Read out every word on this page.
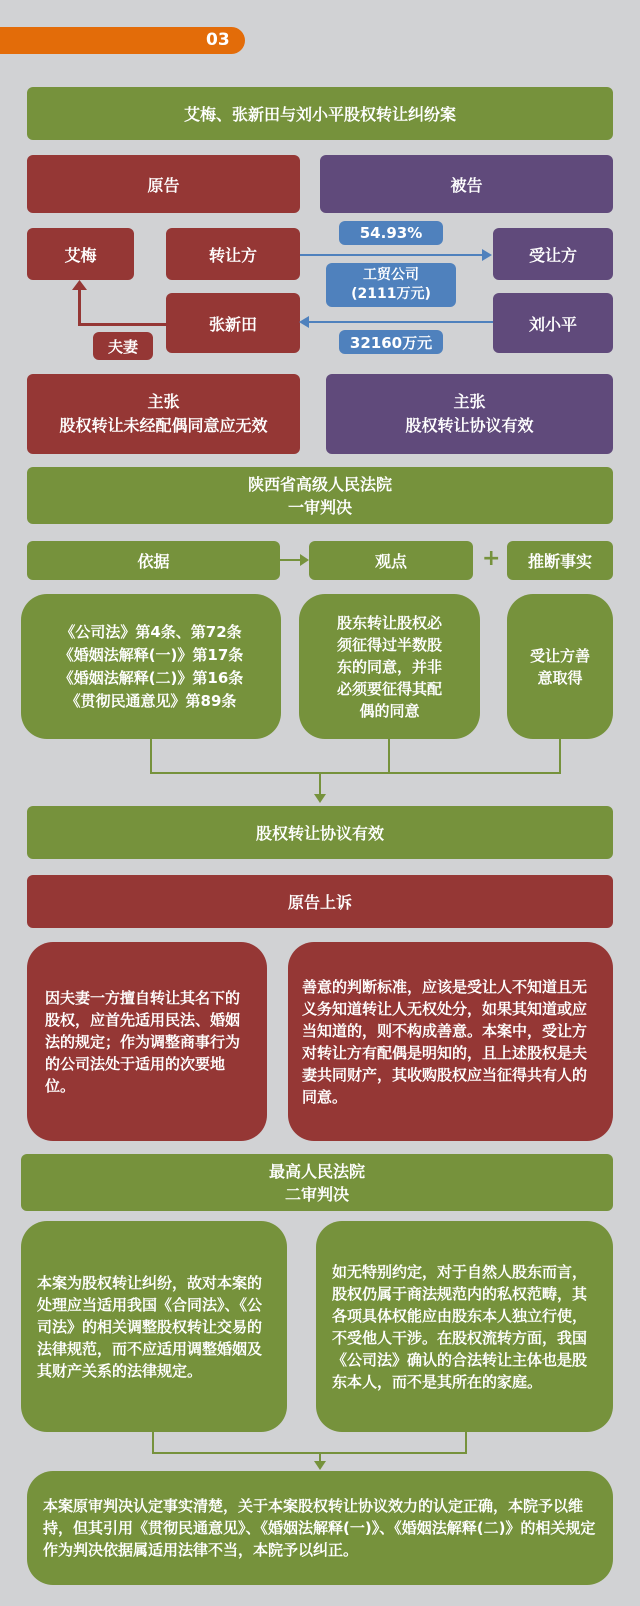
03
艾梅、张新田与刘小平股权转让纠纷案
原告	被告
艾梅	转让方
张新田
受让方
刘小平
夫妻
54.93%
工贸公司
(2111万元)
32160万元
主张
股权转让未经配偶同意应无效
主张
股权转让协议有效
陕西省高级人民法院
一审判决
依据	观点	+	推断事实
《公司法》第4条、第72条
《婚姻法解释(一)》第17条
《婚姻法解释(二)》第16条
《贯彻民通意见》第89条
股东转让股权必
须征得过半数股
东的同意，并非
必须要征得其配
偶的同意
受让方善
意取得
股权转让协议有效
原告上诉
因夫妻一方擅自转让其名下的股权，应首先适用民法、婚姻法的规定；作为调整商事行为的公司法处于适用的次要地位。
善意的判断标准，应该是受让人不知道且无义务知道转让人无权处分，如果其知道或应当知道的，则不构成善意。本案中，受让方对转让方有配偶是明知的，且上述股权是夫妻共同财产，其收购股权应当征得共有人的同意。
最高人民法院
二审判决
本案为股权转让纠纷，故对本案的处理应当适用我国《合同法》、《公司法》的相关调整股权转让交易的法律规范，而不应适用调整婚姻及其财产关系的法律规定。
如无特别约定，对于自然人股东而言，股权仍属于商法规范内的私权范畴，其各项具体权能应由股东本人独立行使，不受他人干涉。在股权流转方面，我国《公司法》确认的合法转让主体也是股东本人，而不是其所在的家庭。
本案原审判决认定事实清楚，关于本案股权转让协议效力的认定正确，本院予以维持，但其引用《贯彻民通意见》、《婚姻法解释(一)》、《婚姻法解释(二)》的相关规定作为判决依据属适用法律不当，本院予以纠正。
